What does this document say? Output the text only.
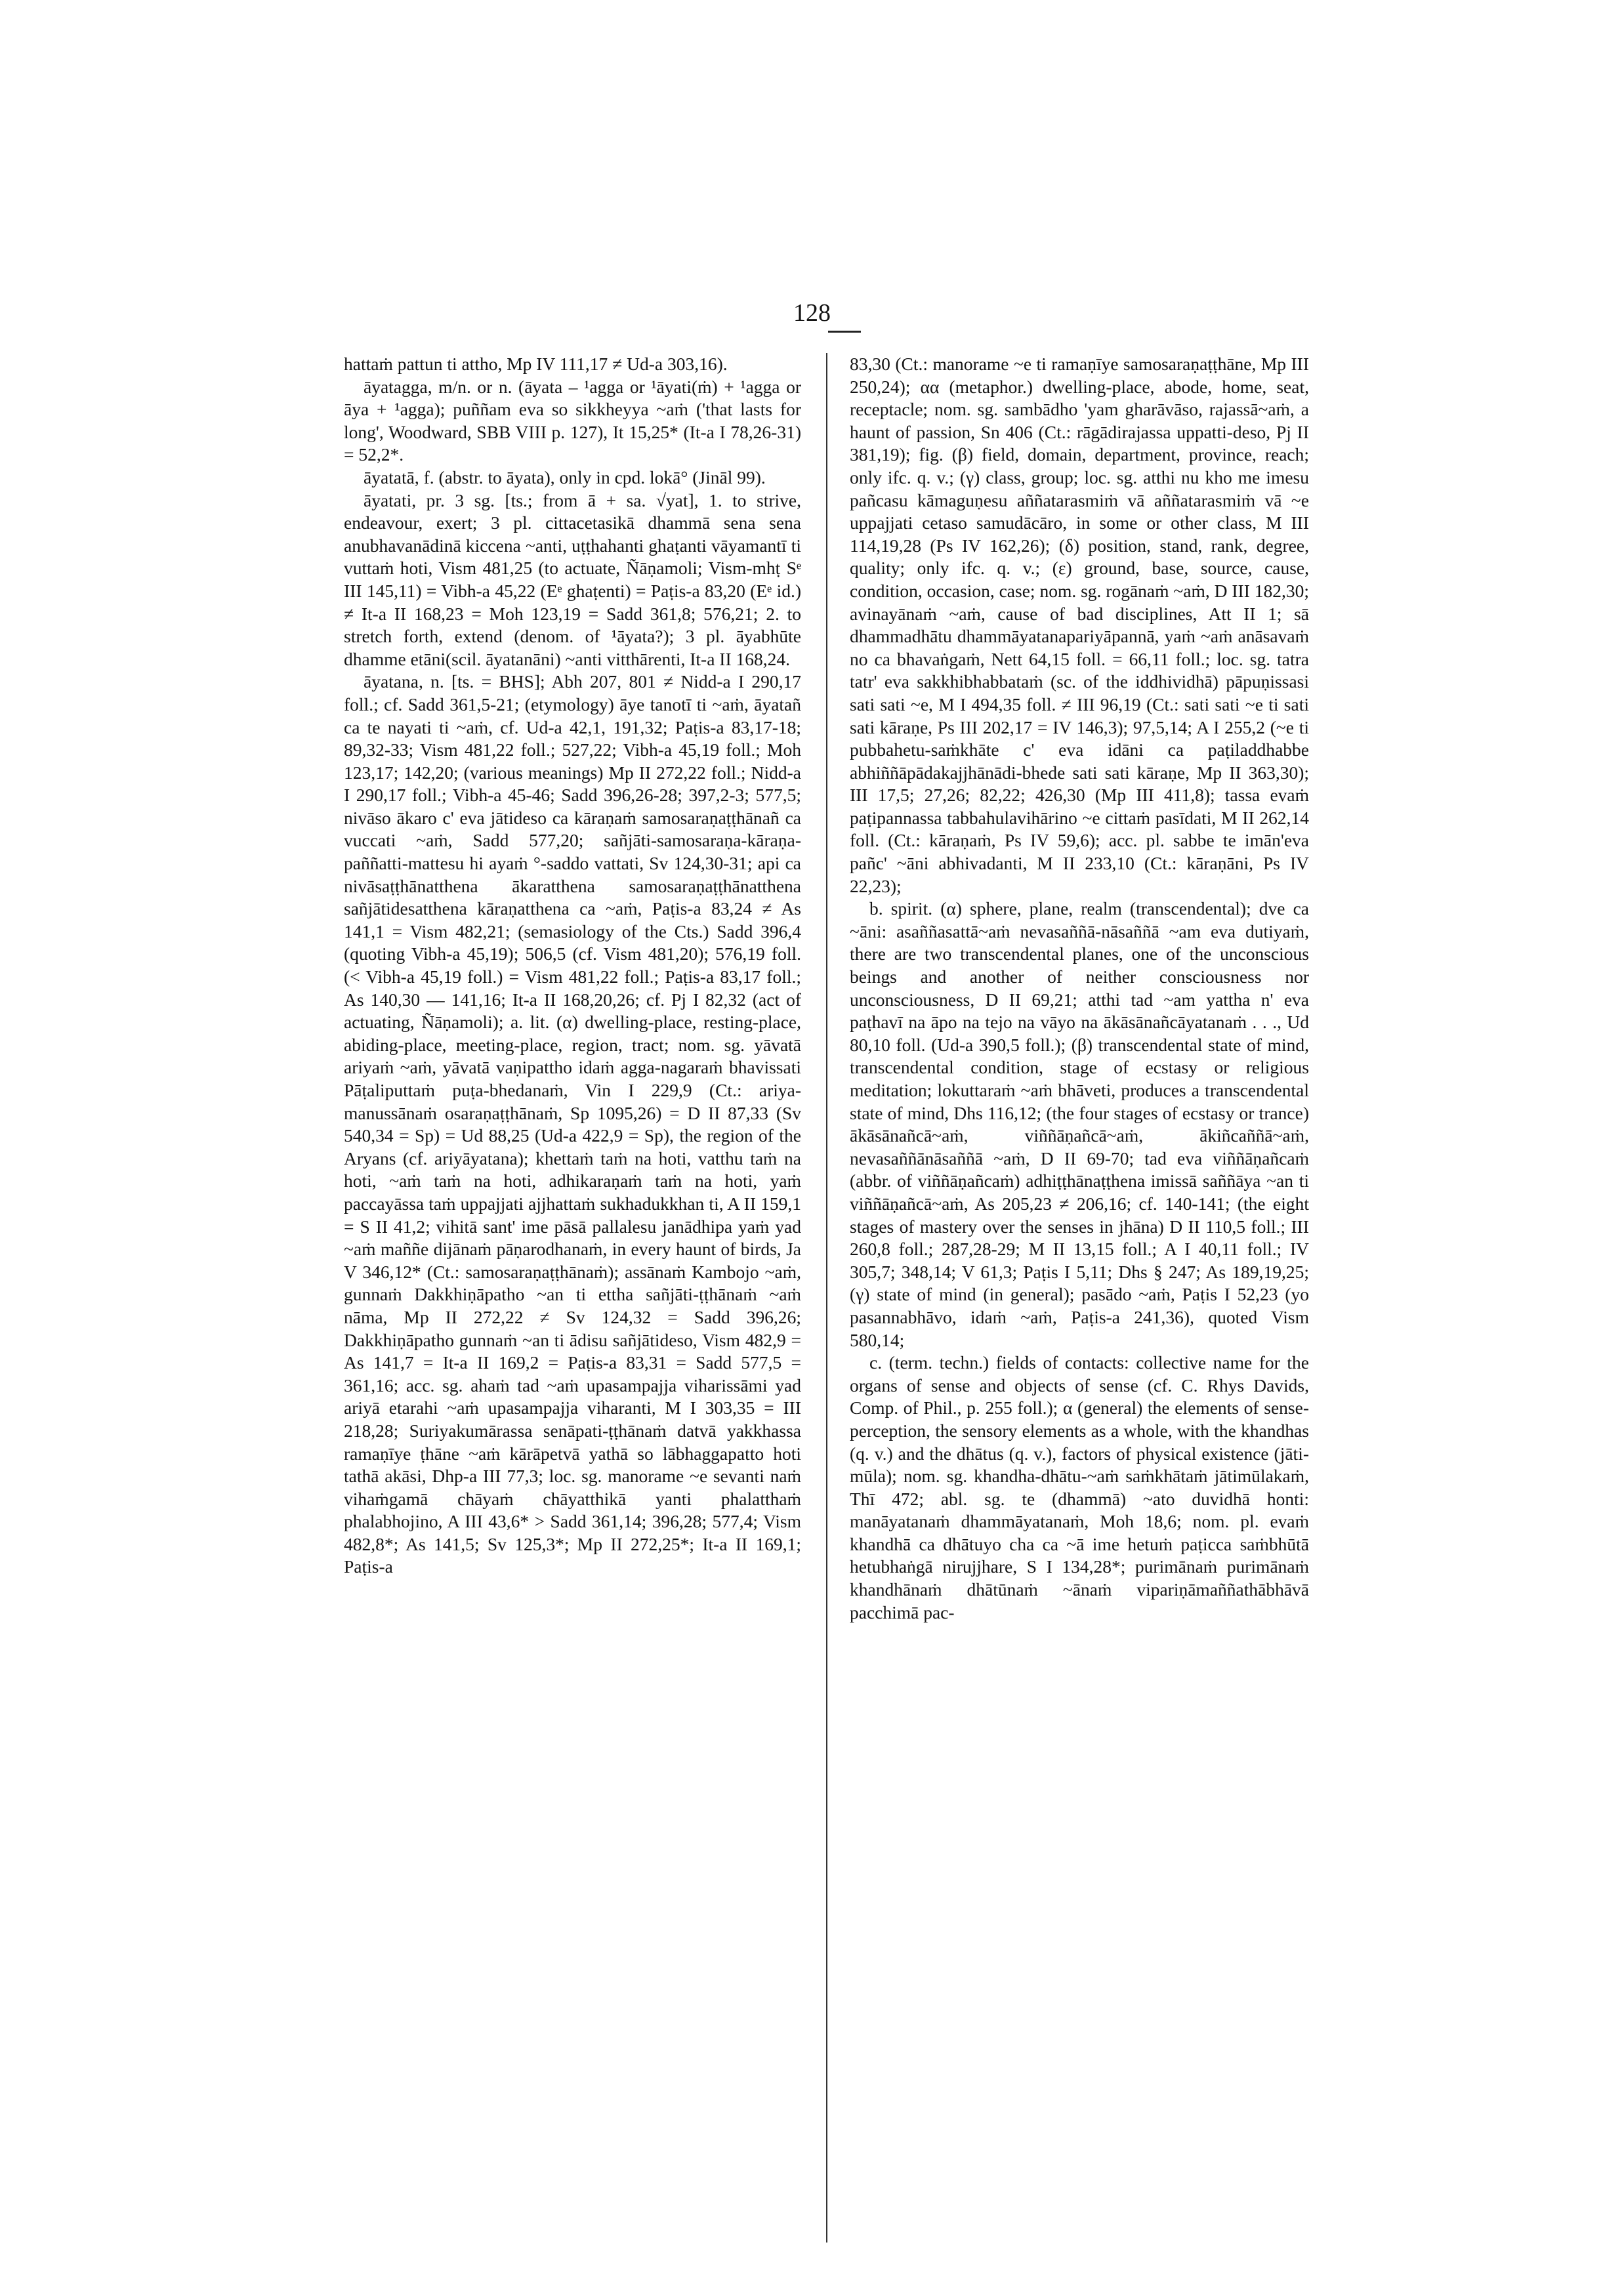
128

hattaṁ pattun ti attho, Mp IV 111,17 ≠ Ud-a 303,16).

āyatagga, m/n. or n. (āyata – ¹agga or ¹āyati(ṁ) + ¹agga or āya + ¹agga); puññam eva so sikkheyya ~aṁ ('that lasts for long', Woodward, SBB VIII p. 127), It 15,25* (It-a I 78,26-31) = 52,2*.

āyatatā, f. (abstr. to āyata), only in cpd. lokā° (Jināl 99).

āyatati, pr. 3 sg. [ts.; from ā + sa. √yat], 1. to strive, endeavour, exert; 3 pl. cittacetasikā dhammā sena sena anubhavanādinā kiccena ~anti, uṭṭhahanti ghaṭanti vāyamantī ti vuttaṁ hoti, Vism 481,25 (to actuate, Ñāṇamoli; Vism-mhṭ Sᵉ III 145,11) = Vibh-a 45,22 (Eᵉ ghaṭenti) = Paṭis-a 83,20 (Eᵉ id.) ≠ It-a II 168,23 = Moh 123,19 = Sadd 361,8; 576,21; 2. to stretch forth, extend (denom. of ¹āyata?); 3 pl. āyabhūte dhamme etāni(scil. āyatanāni) ~anti vitthārenti, It-a II 168,24.

āyatana, n. [ts. = BHS]; Abh 207, 801 ≠ Nidd-a I 290,17 foll.; cf. Sadd 361,5-21; (etymology) āye tanotī ti ~aṁ, āyatañ ca te nayati ti ~aṁ, cf. Ud-a 42,1, 191,32; Paṭis-a 83,17-18; 89,32-33; Vism 481,22 foll.; 527,22; Vibh-a 45,19 foll.; Moh 123,17; 142,20; (various meanings) Mp II 272,22 foll.; Nidd-a I 290,17 foll.; Vibh-a 45-46; Sadd 396,26-28; 397,2-3; 577,5; nivāso ākaro c' eva jātideso ca kāraṇaṁ samosaraṇaṭṭhānañ ca vuccati ~aṁ, Sadd 577,20; sañjāti-samosaraṇa-kāraṇa-paññatti-mattesu hi ayaṁ °-saddo vattati, Sv 124,30-31; api ca nivāsaṭṭhānatthena ākaratthena samosaraṇaṭṭhānatthena sañjātidesatthena kāraṇatthena ca ~aṁ, Paṭis-a 83,24 ≠ As 141,1 = Vism 482,21; (semasiology of the Cts.) Sadd 396,4 (quoting Vibh-a 45,19); 506,5 (cf. Vism 481,20); 576,19 foll. (< Vibh-a 45,19 foll.) = Vism 481,22 foll.; Paṭis-a 83,17 foll.; As 140,30 — 141,16; It-a II 168,20,26; cf. Pj I 82,32 (act of actuating, Ñāṇamoli); a. lit. (α) dwelling-place, resting-place, abiding-place, meeting-place, region, tract; nom. sg. yāvatā ariyaṁ ~aṁ, yāvatā vaṇipattho idaṁ agga-nagaraṁ bhavissati Pāṭaliputtaṁ puṭa-bhedanaṁ, Vin I 229,9 (Ct.: ariya-manussānaṁ osaraṇaṭṭhānaṁ, Sp 1095,26) = D II 87,33 (Sv 540,34 = Sp) = Ud 88,25 (Ud-a 422,9 = Sp), the region of the Aryans (cf. ariyāyatana); khettaṁ taṁ na hoti, vatthu taṁ na hoti, ~aṁ taṁ na hoti, adhikaraṇaṁ taṁ na hoti, yaṁ paccayāssa taṁ uppajjati ajjhattaṁ sukhadukkhan ti, A II 159,1 = S II 41,2; vihitā sant' ime pāsā pallalesu janādhipa yaṁ yad ~aṁ maññe dijānaṁ pāṇarodhanaṁ, in every haunt of birds, Ja V 346,12* (Ct.: samosaraṇaṭṭhānaṁ); assānaṁ Kambojo ~aṁ, gunnaṁ Dakkhiṇāpatho ~an ti ettha sañjāti-ṭṭhānaṁ ~aṁ nāma, Mp II 272,22 ≠ Sv 124,32 = Sadd 396,26; Dakkhiṇāpatho gunnaṁ ~an ti ādisu sañjātideso, Vism 482,9 = As 141,7 = It-a II 169,2 = Paṭis-a 83,31 = Sadd 577,5 = 361,16; acc. sg. ahaṁ tad ~aṁ upasampajja viharissāmi yad ariyā etarahi ~aṁ upasampajja viharanti, M I 303,35 = III 218,28; Suriyakumārassa senāpati-ṭṭhānaṁ datvā yakkhassa ramaṇīye ṭhāne ~aṁ kārāpetvā yathā so lābhaggapatto hoti tathā akāsi, Dhp-a III 77,3; loc. sg. manorame ~e sevanti naṁ vihaṁgamā chāyaṁ chāyatthikā yanti phalatthaṁ phalabhojino, A III 43,6* > Sadd 361,14; 396,28; 577,4; Vism 482,8*; As 141,5; Sv 125,3*; Mp II 272,25*; It-a II 169,1; Paṭis-a

83,30 (Ct.: manorame ~e ti ramaṇīye samosaraṇaṭṭhāne, Mp III 250,24); αα (metaphor.) dwelling-place, abode, home, seat, receptacle; nom. sg. sambādho 'yam gharāvāso, rajassā~aṁ, a haunt of passion, Sn 406 (Ct.: rāgādirajassa uppatti-deso, Pj II 381,19); fig. (β) field, domain, department, province, reach; only ifc. q. v.; (γ) class, group; loc. sg. atthi nu kho me imesu pañcasu kāmaguṇesu aññatarasmiṁ vā aññatarasmiṁ vā ~e uppajjati cetaso samudācāro, in some or other class, M III 114,19,28 (Ps IV 162,26); (δ) position, stand, rank, degree, quality; only ifc. q. v.; (ε) ground, base, source, cause, condition, occasion, case; nom. sg. rogānaṁ ~aṁ, D III 182,30; avinayānaṁ ~aṁ, cause of bad disciplines, Att II 1; sā dhammadhātu dhammāyatanapariyāpannā, yaṁ ~aṁ anāsavaṁ no ca bhavaṅgaṁ, Nett 64,15 foll. = 66,11 foll.; loc. sg. tatra tatr' eva sakkhibhabbataṁ (sc. of the iddhividhā) pāpuṇissasi sati sati ~e, M I 494,35 foll. ≠ III 96,19 (Ct.: sati sati ~e ti sati sati kāraṇe, Ps III 202,17 = IV 146,3); 97,5,14; A I 255,2 (~e ti pubbahetu-saṁkhāte c' eva idāni ca paṭiladdhabbe abhiññāpādakajjhānādi-bhede sati sati kāraṇe, Mp II 363,30); III 17,5; 27,26; 82,22; 426,30 (Mp III 411,8); tassa evaṁ paṭipannassa tabbahulavihārino ~e cittaṁ pasīdati, M II 262,14 foll. (Ct.: kāraṇaṁ, Ps IV 59,6); acc. pl. sabbe te imān'eva pañc' ~āni abhivadanti, M II 233,10 (Ct.: kāraṇāni, Ps IV 22,23);

b. spirit. (α) sphere, plane, realm (transcendental); dve ca ~āni: asaññasattā~aṁ nevasaññā-nāsaññā ~am eva dutiyaṁ, there are two transcendental planes, one of the unconscious beings and another of neither consciousness nor unconsciousness, D II 69,21; atthi tad ~am yattha n' eva paṭhavī na āpo na tejo na vāyo na ākāsānañcāyatanaṁ . . ., Ud 80,10 foll. (Ud-a 390,5 foll.); (β) transcendental state of mind, transcendental condition, stage of ecstasy or religious meditation; lokuttaraṁ ~aṁ bhāveti, produces a transcendental state of mind, Dhs 116,12; (the four stages of ecstasy or trance) ākāsānañcā~aṁ, viññāṇañcā~aṁ, ākiñcaññā~aṁ, nevasaññānāsaññā ~aṁ, D II 69-70; tad eva viññāṇañcaṁ (abbr. of viññāṇañcaṁ) adhiṭṭhānaṭṭhena imissā saññāya ~an ti viññāṇañcā~aṁ, As 205,23 ≠ 206,16; cf. 140-141; (the eight stages of mastery over the senses in jhāna) D II 110,5 foll.; III 260,8 foll.; 287,28-29; M II 13,15 foll.; A I 40,11 foll.; IV 305,7; 348,14; V 61,3; Paṭis I 5,11; Dhs § 247; As 189,19,25; (γ) state of mind (in general); pasādo ~aṁ, Paṭis I 52,23 (yo pasannabhāvo, idaṁ ~aṁ, Paṭis-a 241,36), quoted Vism 580,14;

c. (term. techn.) fields of contacts: collective name for the organs of sense and objects of sense (cf. C. Rhys Davids, Comp. of Phil., p. 255 foll.); α (general) the elements of sense-perception, the sensory elements as a whole, with the khandhas (q. v.) and the dhātus (q. v.), factors of physical existence (jāti-mūla); nom. sg. khandha-dhātu-~aṁ saṁkhātaṁ jātimūlakaṁ, Thī 472; abl. sg. te (dhammā) ~ato duvidhā honti: manāyatanaṁ dhammāyatanaṁ, Moh 18,6; nom. pl. evaṁ khandhā ca dhātuyo cha ca ~ā ime hetuṁ paṭicca saṁbhūtā hetubhaṅgā nirujjhare, S I 134,28*; purimānaṁ purimānaṁ khandhānaṁ dhātūnaṁ ~ānaṁ vipariṇāmaññathābhāvā pacchimā pac-
